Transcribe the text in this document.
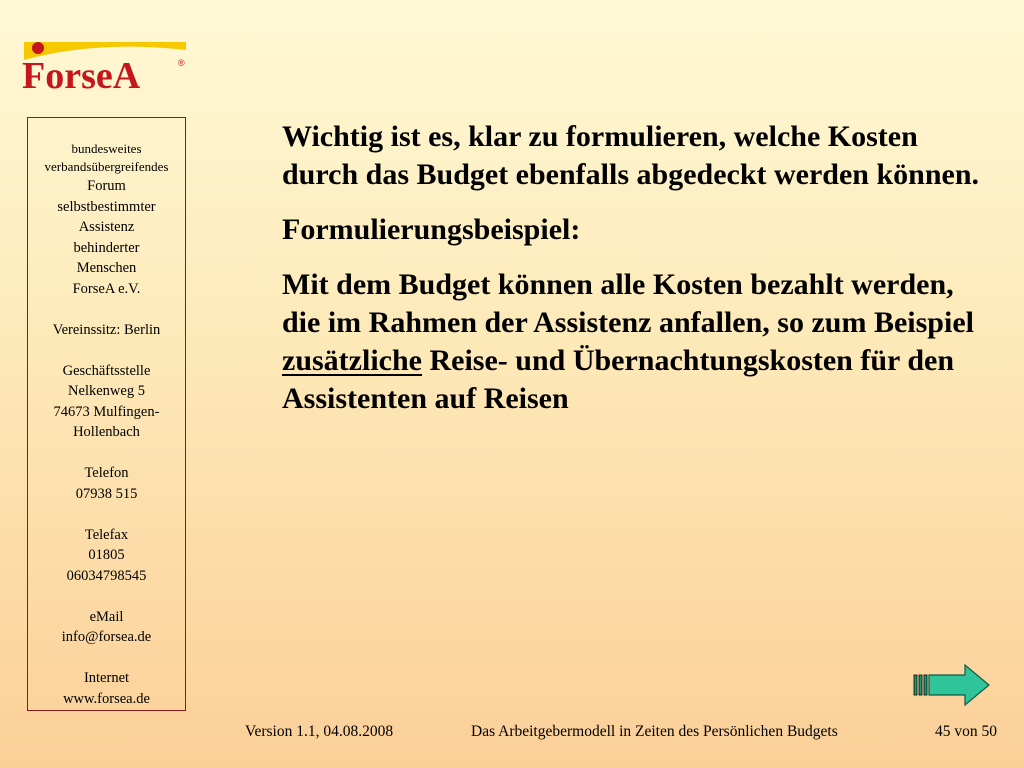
ForseA	®
bundesweites
verbandsübergreifendes
Forum
selbstbestimmter
Assistenz
behinderter
Menschen
ForseA e.V.
Vereinssitz: Berlin
Geschäftsstelle
Nelkenweg 5
74673 Mulfingen-
Hollenbach
Telefon
07938 515
Telefax
01805
06034798545
eMail
info@forsea.de
Internet
www.forsea.de

Wichtig ist es, klar zu formulieren, welche Kosten durch das Budget ebenfalls abgedeckt werden können.

Formulierungsbeispiel:

Mit dem Budget können alle Kosten bezahlt werden, die im Rahmen der Assistenz anfallen, so zum Beispiel zusätzliche Reise- und Übernachtungskosten für den Assistenten auf Reisen

Version 1.1, 04.08.2008	Das Arbeitgebermodell in Zeiten des Persönlichen Budgets	45 von 50
